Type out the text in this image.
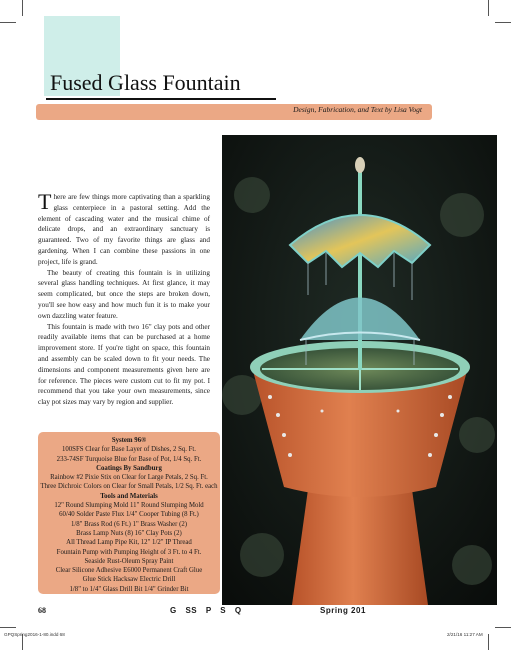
Fused Glass Fountain
Design, Fabrication, and Text by Lisa Vogt

There are few things more captivating than a sparkling glass centerpiece in a pastoral setting. Add the element of cascading water and the musical chime of delicate drops, and an extraordinary sanctuary is guaranteed. Two of my favorite things are glass and gardening. When I can combine these passions in one project, life is grand.

The beauty of creating this fountain is in utilizing several glass handling techniques. At first glance, it may seem complicated, but once the steps are broken down, you'll see how easy and how much fun it is to make your own dazzling water feature.

This fountain is made with two 16" clay pots and other readily available items that can be purchased at a home improvement store. If you're tight on space, this fountain and assembly can be scaled down to fit your needs. The dimensions and component measurements given here are for reference. The pieces were custom cut to fit my pot. I recommend that you take your own measurements, since clay pot sizes may vary by region and supplier.

System 96®
100SFS Clear for Base Layer of Dishes, 2 Sq. Ft.
233-74SF Turquoise Blue for Base of Pot, 1/4 Sq. Ft.
Coatings By Sandburg
Rainbow #2 Pixie Stix on Clear for Large Petals, 2 Sq. Ft.
Three Dichroic Colors on Clear for Small Petals, 1/2 Sq. Ft. each
Tools and Materials
12" Round Slumping Mold 11" Round Slumping Mold
60/40 Solder Paste Flux 1/4" Cooper Tubing (8 Ft.)
1/8" Brass Rod (6 Ft.) 1" Brass Washer (2)
Brass Lamp Nuts (8) 16" Clay Pots (2)
All Thread Lamp Pipe Kit, 12" 1/2" IP Thread
Fountain Pump with Pumping Height of 3 Ft. to 4 Ft.
Seaside Rust-Oleum Spray Paint
Clear Silicone Adhesive E6000 Permanent Craft Glue
Glue Stick Hacksaw Electric Drill
1/8" to 1/4" Glass Drill Bit 1/4" Grinder Bit
68	G SS P S Q	Spring 201
GPQSpring2016-1-80.indd 68	2/21/16 11:27 AM
